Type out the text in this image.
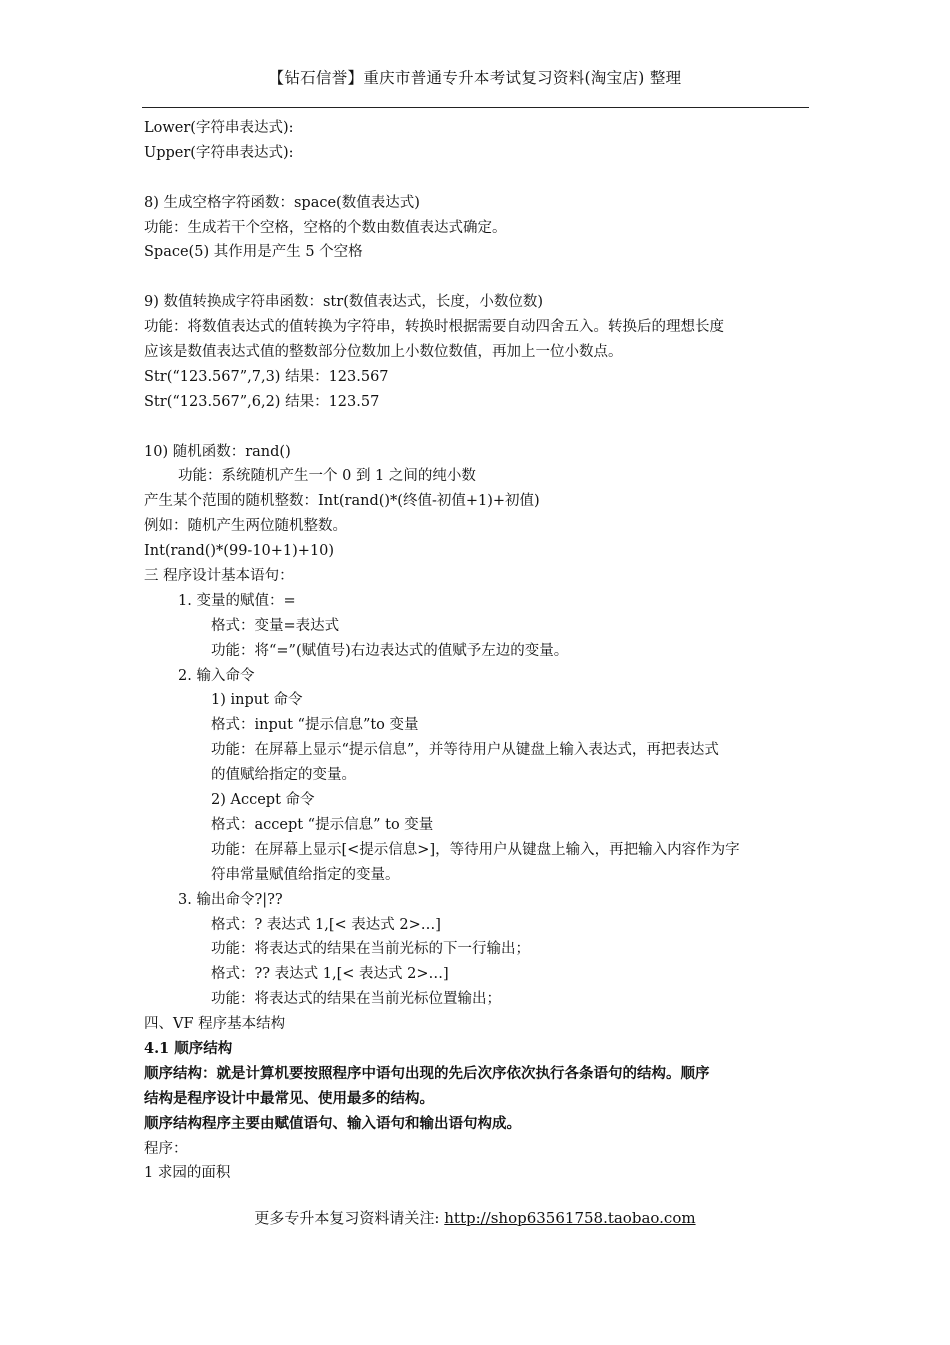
【钻石信誉】重庆市普通专升本考试复习资料(淘宝店) 整理
Lower(字符串表达式):
Upper(字符串表达式):
8) 生成空格字符函数：space(数值表达式)
功能：生成若干个空格，空格的个数由数值表达式确定。
Space(5) 其作用是产生 5 个空格
9) 数值转换成字符串函数：str(数值表达式，长度，小数位数)
功能：将数值表达式的值转换为字符串，转换时根据需要自动四舍五入。转换后的理想长度
应该是数值表达式值的整数部分位数加上小数位数值，再加上一位小数点。
Str(“123.567”,7,3) 结果：123.567
Str(“123.567”,6,2) 结果：123.57
10) 随机函数：rand()
功能：系统随机产生一个 0 到 1 之间的纯小数
产生某个范围的随机整数：Int(rand()*(终值-初值+1)+初值)
例如：随机产生两位随机整数。
Int(rand()*(99-10+1)+10)
三 程序设计基本语句：
1. 变量的赋值：=
格式：变量=表达式
功能：将“=”(赋值号)右边表达式的值赋予左边的变量。
2. 输入命令
1) input 命令
格式：input “提示信息”to 变量
功能：在屏幕上显示“提示信息”，并等待用户从键盘上输入表达式，再把表达式
的值赋给指定的变量。
2) Accept 命令
格式：accept “提示信息” to 变量
功能：在屏幕上显示[<提示信息>]，等待用户从键盘上输入，再把输入内容作为字
符串常量赋值给指定的变量。
3. 输出命令?|??
格式：? 表达式 1,[< 表达式 2>…]
功能：将表达式的结果在当前光标的下一行输出；
格式：?? 表达式 1,[< 表达式 2>…]
功能：将表达式的结果在当前光标位置输出；
四、VF 程序基本结构
4.1 顺序结构
顺序结构：就是计算机要按照程序中语句出现的先后次序依次执行各条语句的结构。顺序
结构是程序设计中最常见、使用最多的结构。
顺序结构程序主要由赋值语句、输入语句和输出语句构成。
程序：
1 求园的面积
更多专升本复习资料请关注: http://shop63561758.taobao.com
